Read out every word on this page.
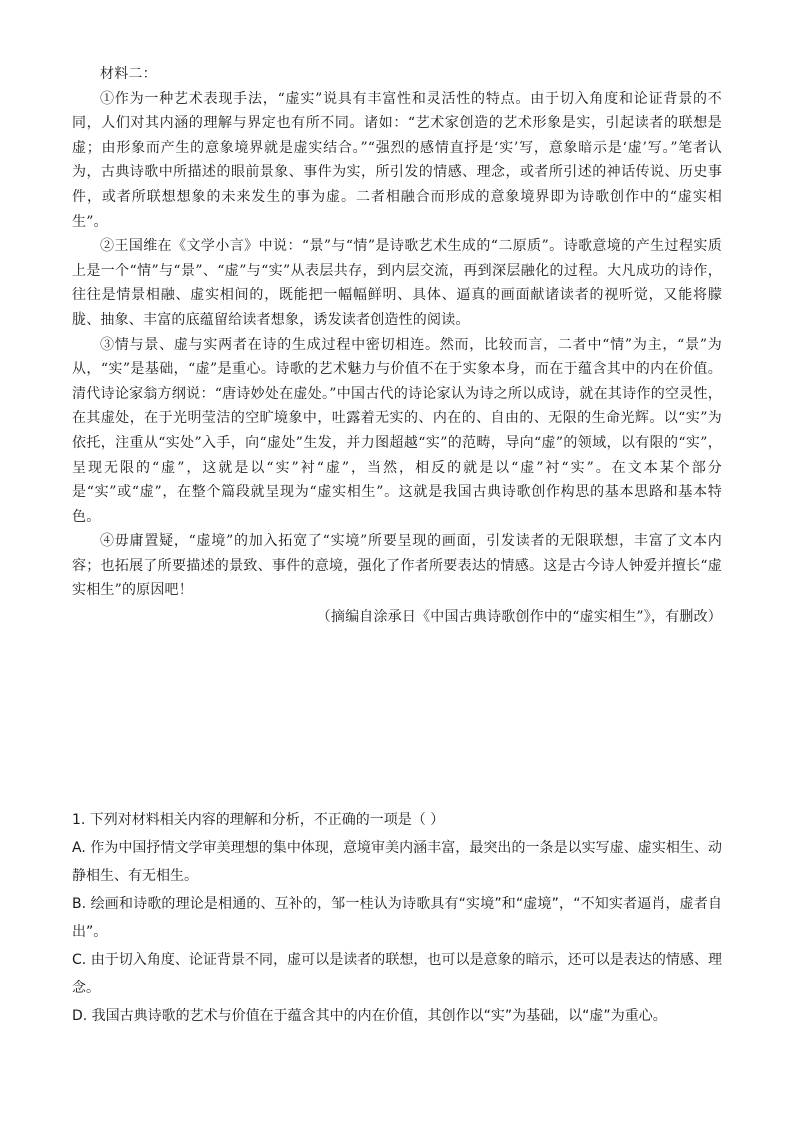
材料二：

①作为一种艺术表现手法，“虚实”说具有丰富性和灵活性的特点。由于切入角度和论证背景的不同，人们对其内涵的理解与界定也有所不同。诸如：“艺术家创造的艺术形象是实，引起读者的联想是虚；由形象而产生的意象境界就是虚实结合。”“强烈的感情直抒是‘实’写，意象暗示是‘虚’写。”笔者认为，古典诗歌中所描述的眼前景象、事件为实，所引发的情感、理念，或者所引述的神话传说、历史事件，或者所联想想象的未来发生的事为虚。二者相融合而形成的意象境界即为诗歌创作中的“虚实相生”。

②王国维在《文学小言》中说：“景”与“情”是诗歌艺术生成的“二原质”。诗歌意境的产生过程实质上是一个“情”与“景”、“虚”与“实”从表层共存，到内层交流，再到深层融化的过程。大凡成功的诗作，往往是情景相融、虚实相间的，既能把一幅幅鲜明、具体、逼真的画面献诸读者的视听觉，又能将朦胧、抽象、丰富的底蕴留给读者想象，诱发读者创造性的阅读。

③情与景、虚与实两者在诗的生成过程中密切相连。然而，比较而言，二者中“情”为主，“景”为从，“实”是基础，“虚”是重心。诗歌的艺术魅力与价值不在于实象本身，而在于蕴含其中的内在价值。清代诗论家翁方纲说：“唐诗妙处在虚处。”中国古代的诗论家认为诗之所以成诗，就在其诗作的空灵性，在其虚处，在于光明莹洁的空旷境象中，吐露着无实的、内在的、自由的、无限的生命光辉。以“实”为依托，注重从“实处”入手，向“虚处”生发，并力图超越“实”的范畴，导向“虚”的领域，以有限的“实”，呈现无限的“虚”，这就是以“实”衬“虚”，当然，相反的就是以“虚”衬“实”。在文本某个部分是“实”或“虚”，在整个篇段就呈现为“虚实相生”。这就是我国古典诗歌创作构思的基本思路和基本特色。

④毋庸置疑，“虚境”的加入拓宽了“实境”所要呈现的画面，引发读者的无限联想，丰富了文本内容；也拓展了所要描述的景致、事件的意境，强化了作者所要表达的情感。这是古今诗人钟爱并擅长“虚实相生”的原因吧！

（摘编自涂承日《中国古典诗歌创作中的“虚实相生”》，有删改）

1. 下列对材料相关内容的理解和分析，不正确的一项是（ ）

A. 作为中国抒情文学审美理想的集中体现，意境审美内涵丰富，最突出的一条是以实写虚、虚实相生、动静相生、有无相生。

B. 绘画和诗歌的理论是相通的、互补的，邹一桂认为诗歌具有“实境”和“虚境”，“不知实者逼肖，虚者自出”。

C. 由于切入角度、论证背景不同，虚可以是读者的联想，也可以是意象的暗示，还可以是表达的情感、理念。

D. 我国古典诗歌的艺术与价值在于蕴含其中的内在价值，其创作以“实”为基础，以“虚”为重心。
